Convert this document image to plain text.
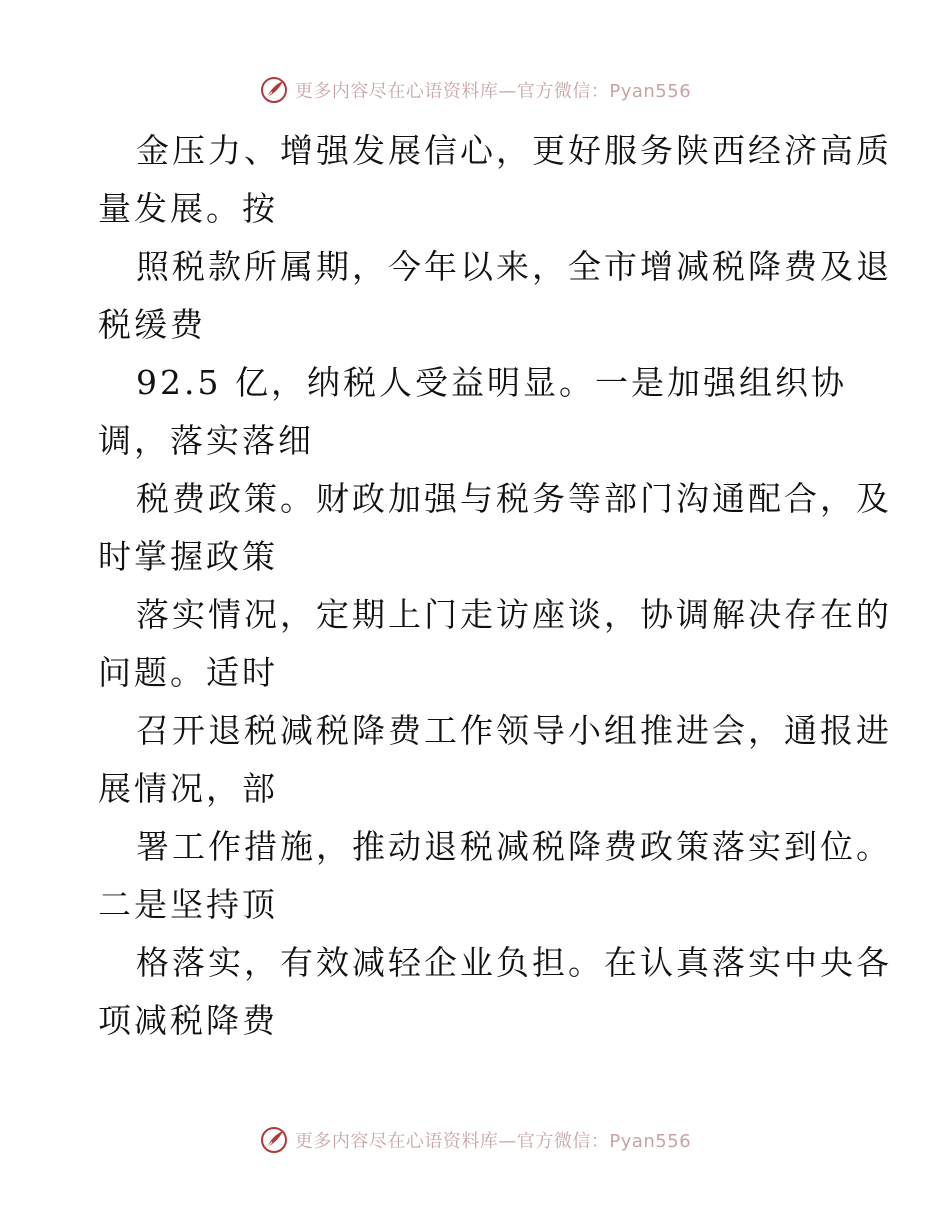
更多内容尽在心语资料库—官方微信：Pyan556

金压力、增强发展信心，更好服务陕西经济高质
量发展。按

照税款所属期，今年以来，全市增减税降费及退
税缓费

92.5 亿，纳税人受益明显。一是加强组织协
调，落实落细

税费政策。财政加强与税务等部门沟通配合，及
时掌握政策

落实情况，定期上门走访座谈，协调解决存在的
问题。适时

召开退税减税降费工作领导小组推进会，通报进
展情况，部

署工作措施，推动退税减税降费政策落实到位。
二是坚持顶

格落实，有效减轻企业负担。在认真落实中央各
项减税降费

更多内容尽在心语资料库—官方微信：Pyan556
